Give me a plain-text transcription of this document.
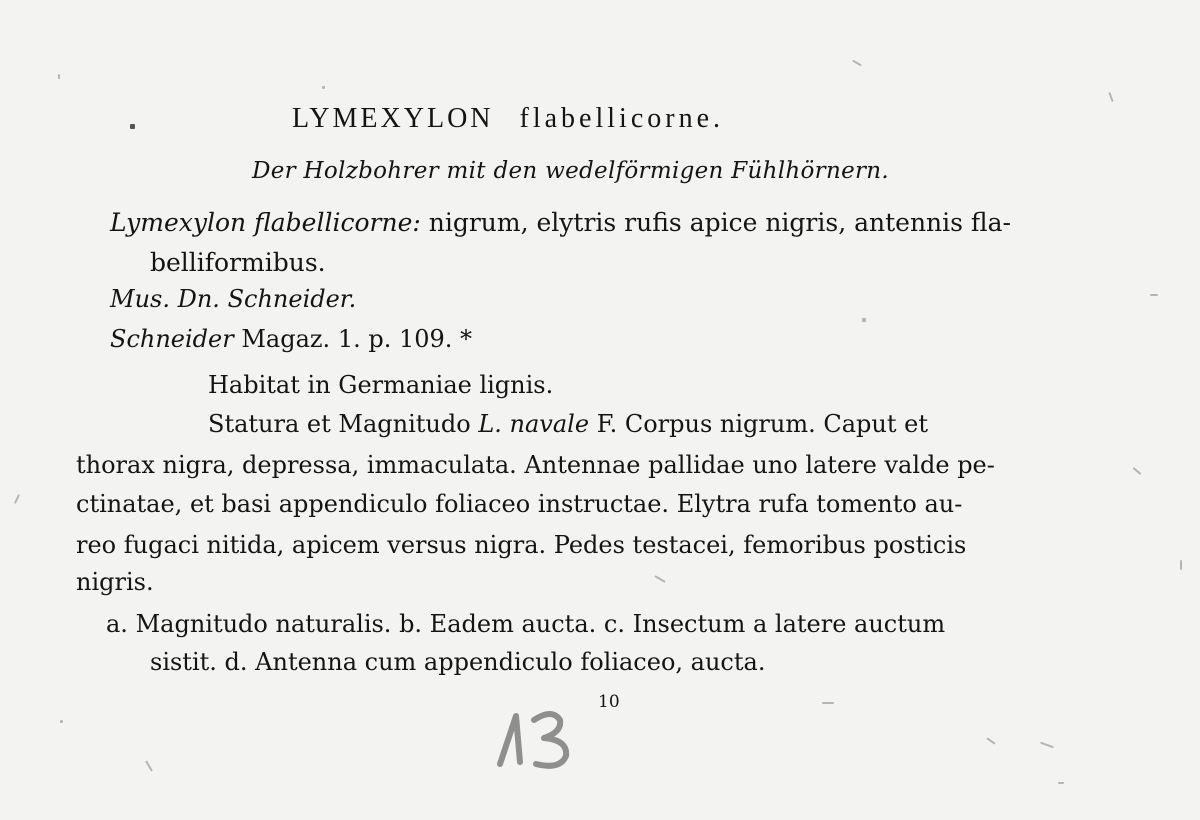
LYMEXYLON flabellicorne.
Der Holzbohrer mit den wedelförmigen Fühlhörnern.
Lymexylon flabellicorne: nigrum, elytris rufis apice nigris, antennis fla-
belliformibus.
Mus. Dn. Schneider.
Schneider Magaz. 1. p. 109. *
Habitat in Germaniae lignis.
Statura et Magnitudo L. navale F. Corpus nigrum. Caput et
thorax nigra, depressa, immaculata. Antennae pallidae uno latere valde pe-
ctinatae, et basi appendiculo foliaceo instructae. Elytra rufa tomento au-
reo fugaci nitida, apicem versus nigra. Pedes testacei, femoribus posticis
nigris.
a. Magnitudo naturalis. b. Eadem aucta. c. Insectum a latere auctum
sistit. d. Antenna cum appendiculo foliaceo, aucta.
10
